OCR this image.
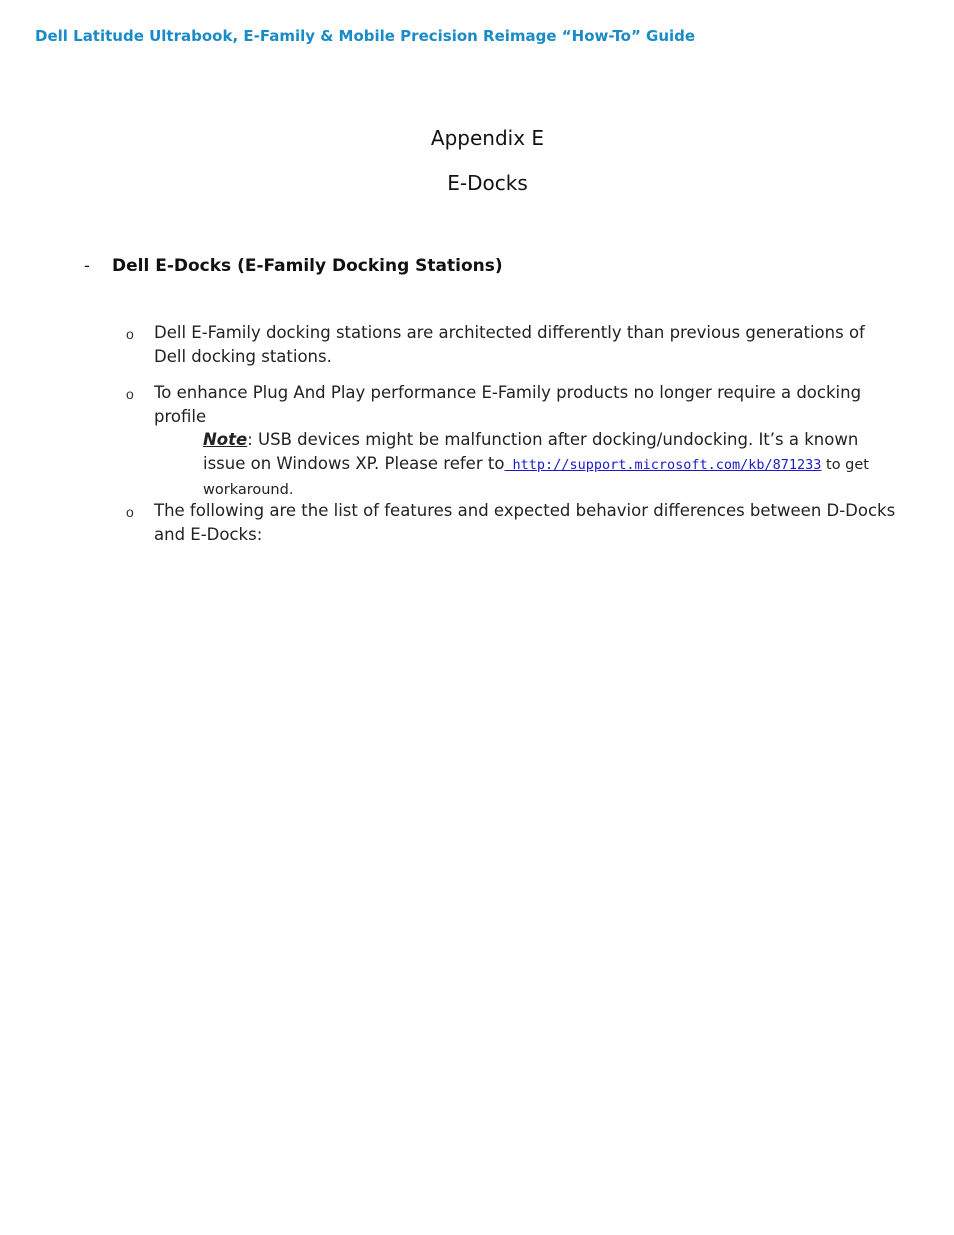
Dell Latitude Ultrabook, E-Family & Mobile Precision Reimage “How-To” Guide
Appendix E
E-Docks
- Dell E-Docks (E-Family Docking Stations)
o Dell E-Family docking stations are architected differently than previous generations of Dell docking stations.
o To enhance Plug And Play performance E-Family products no longer require a docking profile
Note: USB devices might be malfunction after docking/undocking. It’s a known issue on Windows XP. Please refer to http://support.microsoft.com/kb/871233 to get workaround.
o The following are the list of features and expected behavior differences between D-Docks and E-Docks:
